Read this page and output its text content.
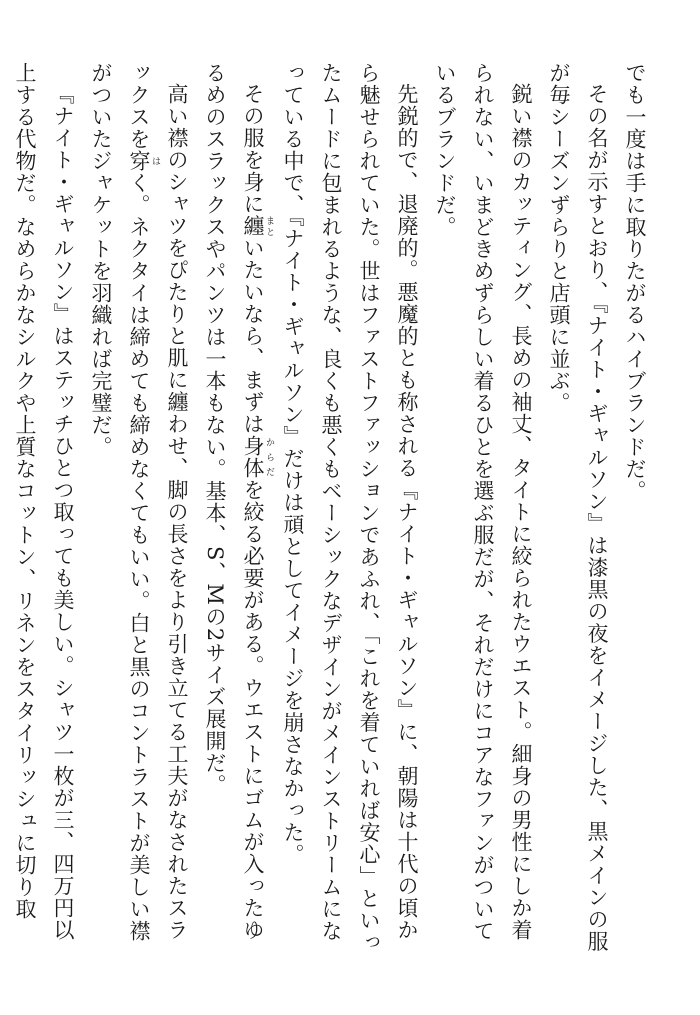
でも一度は手に取りたがるハイブランドだ。

その名が示すとおり、『ナイト・ギャルソン』は漆黒の夜をイメージした、黒メインの服が毎シーズンずらりと店頭に並ぶ。

鋭い襟のカッティング、長めの袖丈、タイトに絞られたウエスト。細身の男性にしか着られない、いまどきめずらしい着るひとを選ぶ服だが、それだけにコアなファンがついているブランドだ。

先鋭的で、退廃的。悪魔的とも称される『ナイト・ギャルソン』に、朝陽は十代の頃から魅せられていた。世はファストファッションであふれ、「これを着ていれば安心」といったムードに包まれるような、良くも悪くもベーシックなデザインがメインストリームになっている中で、『ナイト・ギャルソン』だけは頑としてイメージを崩さなかった。

その服を身に纏 まといたいなら、まずは身体 からだを絞る必要がある。ウエストにゴムが入ったゆるめのスラックスやパンツは一本もない。基本、S、Mの2サイズ展開だ。

高い襟のシャツをぴたりと肌に纏わせ、脚の長さをより引き立てる工夫がなされたスラックスを穿 はく。ネクタイは締めても締めなくてもいい。白と黒のコントラストが美しい襟がついたジャケットを羽織れば完璧だ。

『ナイト・ギャルソン』はステッチひとつ取っても美しい。シャツ一枚が三、四万円以上する代物だ。なめらかなシルクや上質なコットン、リネンをスタイリッシュに切り取
